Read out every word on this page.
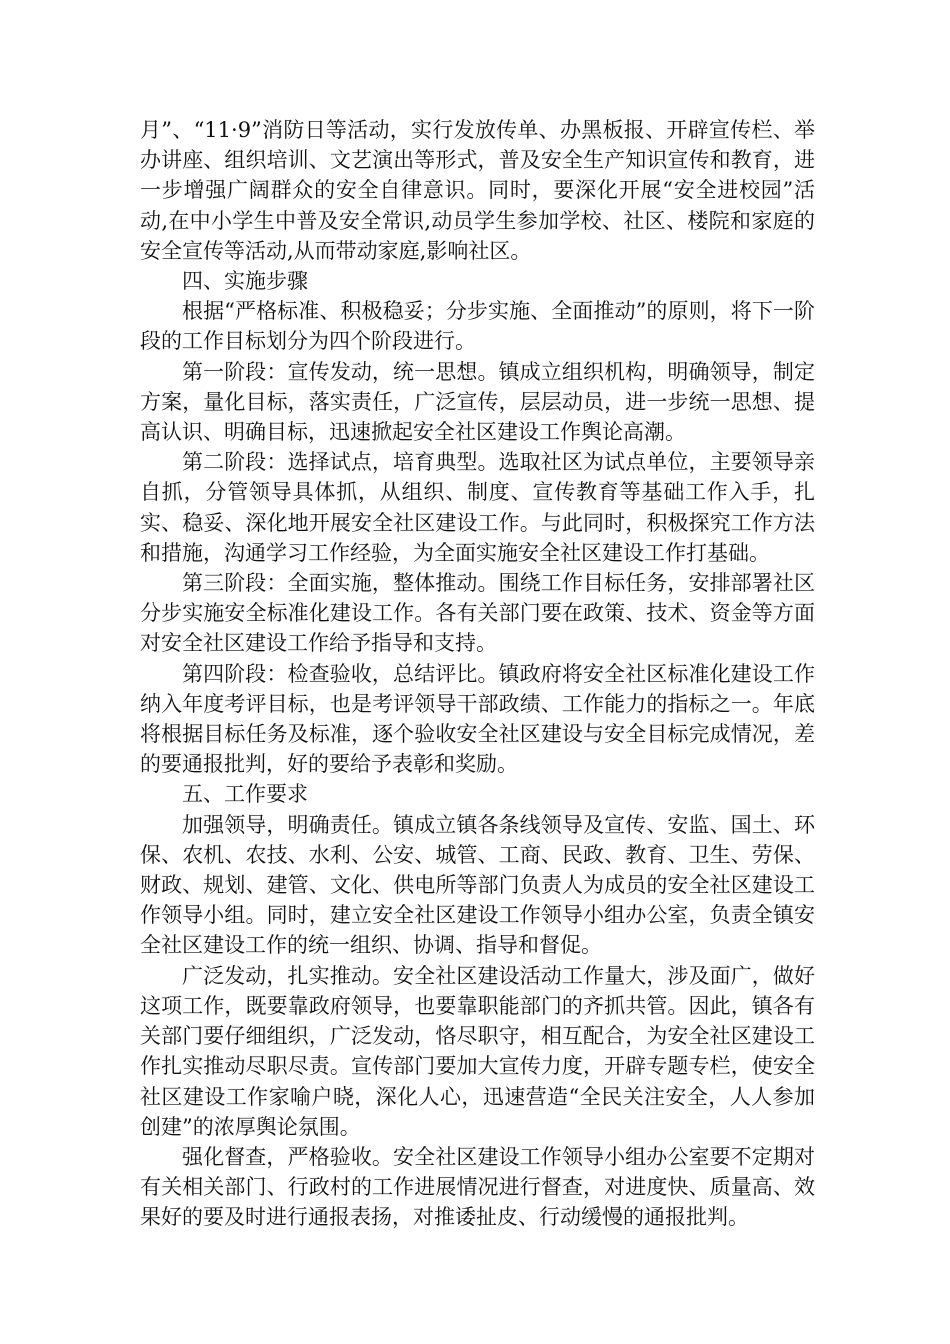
月”、“11·9”消防日等活动，实行发放传单、办黑板报、开辟宣传栏、举办讲座、组织培训、文艺演出等形式，普及安全生产知识宣传和教育，进一步增强广阔群众的安全自律意识。同时，要深化开展“安全进校园”活动,在中小学生中普及安全常识,动员学生参加学校、社区、楼院和家庭的安全宣传等活动,从而带动家庭,影响社区。

四、实施步骤

根据“严格标准、积极稳妥；分步实施、全面推动”的原则，将下一阶段的工作目标划分为四个阶段进行。

第一阶段：宣传发动，统一思想。镇成立组织机构，明确领导，制定方案，量化目标，落实责任，广泛宣传，层层动员，进一步统一思想、提高认识、明确目标，迅速掀起安全社区建设工作舆论高潮。

第二阶段：选择试点，培育典型。选取社区为试点单位，主要领导亲自抓，分管领导具体抓，从组织、制度、宣传教育等基础工作入手，扎实、稳妥、深化地开展安全社区建设工作。与此同时，积极探究工作方法和措施，沟通学习工作经验，为全面实施安全社区建设工作打基础。

第三阶段：全面实施，整体推动。围绕工作目标任务，安排部署社区分步实施安全标准化建设工作。各有关部门要在政策、技术、资金等方面对安全社区建设工作给予指导和支持。

第四阶段：检查验收，总结评比。镇政府将安全社区标准化建设工作纳入年度考评目标，也是考评领导干部政绩、工作能力的指标之一。年底将根据目标任务及标准，逐个验收安全社区建设与安全目标完成情况，差的要通报批判，好的要给予表彰和奖励。

五、工作要求

加强领导，明确责任。镇成立镇各条线领导及宣传、安监、国土、环保、农机、农技、水利、公安、城管、工商、民政、教育、卫生、劳保、财政、规划、建管、文化、供电所等部门负责人为成员的安全社区建设工作领导小组。同时，建立安全社区建设工作领导小组办公室，负责全镇安全社区建设工作的统一组织、协调、指导和督促。

广泛发动，扎实推动。安全社区建设活动工作量大，涉及面广，做好这项工作，既要靠政府领导，也要靠职能部门的齐抓共管。因此，镇各有关部门要仔细组织，广泛发动，恪尽职守，相互配合，为安全社区建设工作扎实推动尽职尽责。宣传部门要加大宣传力度，开辟专题专栏，使安全社区建设工作家喻户晓，深化人心，迅速营造“全民关注安全，人人参加创建”的浓厚舆论氛围。

强化督查，严格验收。安全社区建设工作领导小组办公室要不定期对有关相关部门、行政村的工作进展情况进行督查，对进度快、质量高、效果好的要及时进行通报表扬，对推诿扯皮、行动缓慢的通报批判。
